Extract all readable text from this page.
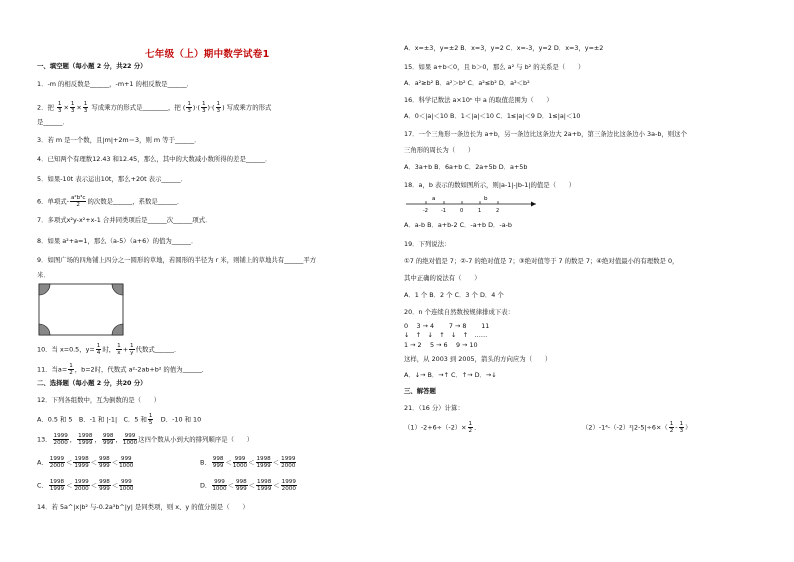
七年级（上）期中数学试卷1
一、填空题（每小题 2 分，共22 分）
1．-m 的相反数是______，-m+1 的相反数是______．
2．把 $\frac{1}{3} \times \frac{1}{3} \times \frac{1}{3}$ 写成乘方的形式是________，把 ( $\frac{1}{3}$ )·( $\frac{1}{3}$ )·( $\frac{1}{3}$ ) 写成乘方的形式
是______．
3．若 m 是一个数，且|m|+2m＝3，则 m 等于______．
4．已知两个有理数12.43 和12.45，那么，其中的大数减小数所得的差是______．
5．如果-10t 表示运出10t，那么+20t 表示______．
6．单项式- $\frac{\text{a²b³c}}{2}$ 的次数是______，系数是______．
7．多项式x²y-x²+x-1 合并同类项后是______次______项式．
8．如果 a²+a=1，那么（a-5）（a+6）的值为______．
9．如图广场的四角铺上四分之一圆形的草地，若圆形的半径为 r 米，则铺上的草地共有______平方
米．
10．当 x=0.5，$y= \frac{1}{4}$ 时， $\frac{1}{x} + \frac{1}{y}$ 代数式______．
11．当$a= \frac{1}{2}$ ，b=2时，代数式 a²-2ab+b² 的值为______．
二、选择题（每小题 2 分，共20 分）
12．下列各组数中，互为倒数的是（　　）
A．0.5 和 5　B．-1 和 |-1|　C．5 和 $\frac{1}{5}$ 　D．-10 和 10
13． $\frac{1999}{2000}$ ， $\frac{1998}{1999}$ ， $\frac{998}{999}$ ， $\frac{999}{1000}$ 这四个数从小到大的排列顺序是（　　）
A． $\frac{1999}{2000} < \frac{1998}{1999} < \frac{998}{999} < \frac{999}{1000}$	B． $\frac{998}{999} < \frac{999}{1000} < \frac{1998}{1999} < \frac{1999}{2000}$
C． $\frac{1998}{1999} < \frac{1999}{2000} < \frac{998}{999} < \frac{999}{1000}$	D． $\frac{999}{1000} < \frac{998}{999} < \frac{1998}{1999} < \frac{1999}{2000}$
14．若 5a^|x|b² 与-0.2a³b^|y| 是同类项，则 x、y 的值分别是（　　）
A．x=±3，y=±2 B．x=3，y=2 C．x=-3，y=2 D．x=3，y=±2
15．如果 a+b＜0，且 b＞0，那么 a² 与 b² 的关系是（　　）
A．a²≥b² B．a²＞b² C．a²≤b² D．a²＜b²
16．科学记数法 a×10ⁿ 中 a 的取值范围为（　　）
A．0＜|a|＜10 B．1＜|a|＜10 C．1≤|a|＜9 D．1≤|a|＜10
17．一个三角形一条边长为 a+b，另一条边比这条边大 2a+b，第三条边比这条边小 3a-b，则这个
三角形的周长为（　　）
A．3a+b B．6a+b C．2a+5b D．a+5b
18．a，b 表示的数如图所示，则|a-1|-|b-1|的值是（　　）
a	b
-2	-1	0	1	2
A．a-b B．a+b-2 C．-a+b D．-a-b
19．下列说法：
①7 的绝对值是 7；②-7 的绝对值是 7；③绝对值等于 7 的数是 7；④绝对值最小的有理数是 0，
其中正确的说法有（　　）
A．1 个 B．2 个 C．3 个 D．4 个
20．n 个连续自然数按规律排成下表：
0　 3 → 4　　 7 → 8　　 11
↓　↑　↓　↑　↓　↑　……
1 → 2　 5 → 6　 9 → 10
这样，从 2003 到 2005，箭头的方向应为（　　）
A．↓→ B．→↑ C．↑→ D．→↓
三、解答题
21．（16 分）计算：
$(1)-2+6\div(-2)\times \frac{1}{2}$ ．	$(2)-1^4-(-2)^2|2-5|\div 6\times( \frac{1}{2} - \frac{1}{3}$ ）
